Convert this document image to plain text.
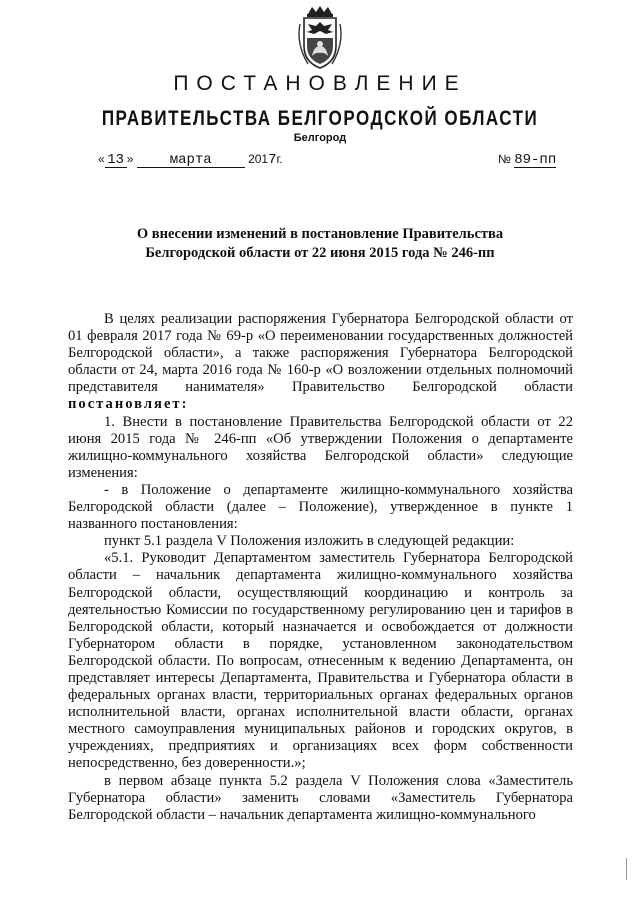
ПОСТАНОВЛЕНИЕ
ПРАВИТЕЛЬСТВА БЕЛГОРОДСКОЙ ОБЛАСТИ
Белгород
« 13 »	марта	2017г.	№ 89-пп
О внесении изменений в постановление Правительства
Белгородской области от 22 июня 2015 года № 246-пп

В целях реализации распоряжения Губернатора Белгородской области от 01 февраля 2017 года № 69-р «О переименовании государственных должностей Белгородской области», а также распоряжения Губернатора Белгородской области от 24, марта 2016 года № 160-р «О возложении отдельных полномочий представителя нанимателя» Правительство Белгородской области постановляет:

1. Внести в постановление Правительства Белгородской области от 22 июня 2015 года № 246-пп «Об утверждении Положения о департаменте жилищно-коммунального хозяйства Белгородской области» следующие изменения:

- в Положение о департаменте жилищно-коммунального хозяйства Белгородской области (далее – Положение), утвержденное в пункте 1 названного постановления:

пункт 5.1 раздела V Положения изложить в следующей редакции:

«5.1. Руководит Департаментом заместитель Губернатора Белгородской области – начальник департамента жилищно-коммунального хозяйства Белгородской области, осуществляющий координацию и контроль за деятельностью Комиссии по государственному регулированию цен и тарифов в Белгородской области, который назначается и освобождается от должности Губернатором области в порядке, установленном законодательством Белгородской области. По вопросам, отнесенным к ведению Департамента, он представляет интересы Департамента, Правительства и Губернатора области в федеральных органах власти, территориальных органах федеральных органов исполнительной власти, органах исполнительной власти области, органах местного самоуправления муниципальных районов и городских округов, в учреждениях, предприятиях и организациях всех форм собственности непосредственно, без доверенности.»;

в первом абзаце пункта 5.2 раздела V Положения слова «Заместитель Губернатора области» заменить словами «Заместитель Губернатора Белгородской области – начальник департамента жилищно-коммунального
